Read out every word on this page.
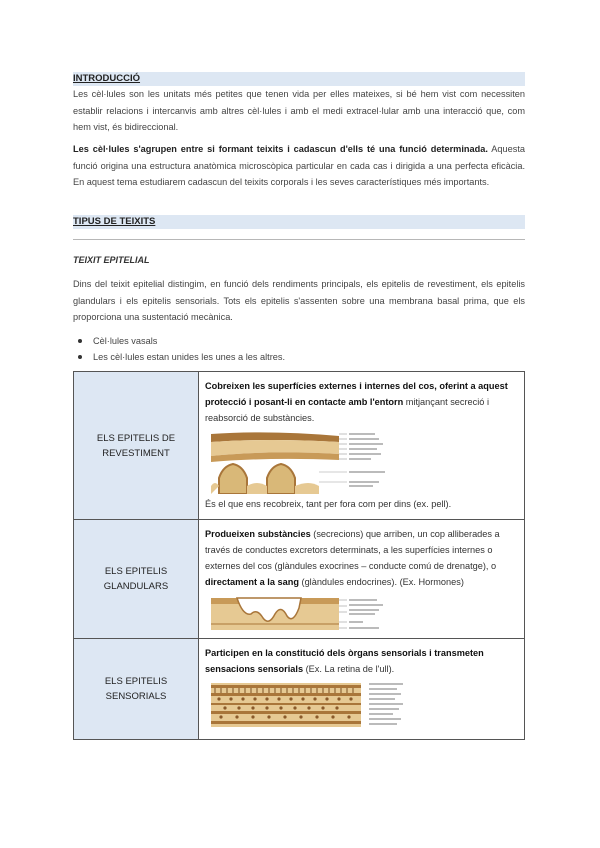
INTRODUCCIÓ

Les cèl·lules son les unitats més petites que tenen vida per elles mateixes, si bé hem vist com necessiten establir relacions i intercanvis amb altres cèl·lules i amb el medi extracel·lular amb una interacció que, com hem vist, és bidireccional.

Les cèl·lules s'agrupen entre si formant teixits i cadascun d'ells té una funció determinada. Aquesta funció origina una estructura anatòmica microscòpica particular en cada cas i dirigida a una perfecta eficàcia. En aquest tema estudiarem cadascun del teixits corporals i les seves característiques més importants.

TIPUS DE TEIXITS
TEIXIT EPITELIAL

Dins del teixit epitelial distingim, en funció dels rendiments principals, els epitelis de revestiment, els epitelis glandulars i els epitelis sensorials. Tots els epitelis s'assenten sobre una membrana basal prima, que els proporciona una sustentació mecànica.

Cèl·lules vasals
Les cèl·lules estan unides les unes a les altres.
ELS EPITELIS DE REVESTIMENT	Cobreixen les superfícies externes i internes del cos, oferint a aquest protecció i posant-li en contacte amb l'entorn mitjançant secreció i reabsorció de substàncies.
És el que ens recobreix, tant per fora com per dins (ex. pell).
ELS EPITELIS GLANDULARS	Produeixen substàncies (secrecions) que arriben, un cop alliberades a través de conductes excretors determinats, a les superfícies internes o externes del cos (glàndules exocrines – conducte comú de drenatge), o directament a la sang (glàndules endocrines). (Ex. Hormones)

ELS EPITELIS SENSORIALS	Participen en la constitució dels òrgans sensorials i transmeten sensacions sensorials (Ex. La retina de l'ull).
